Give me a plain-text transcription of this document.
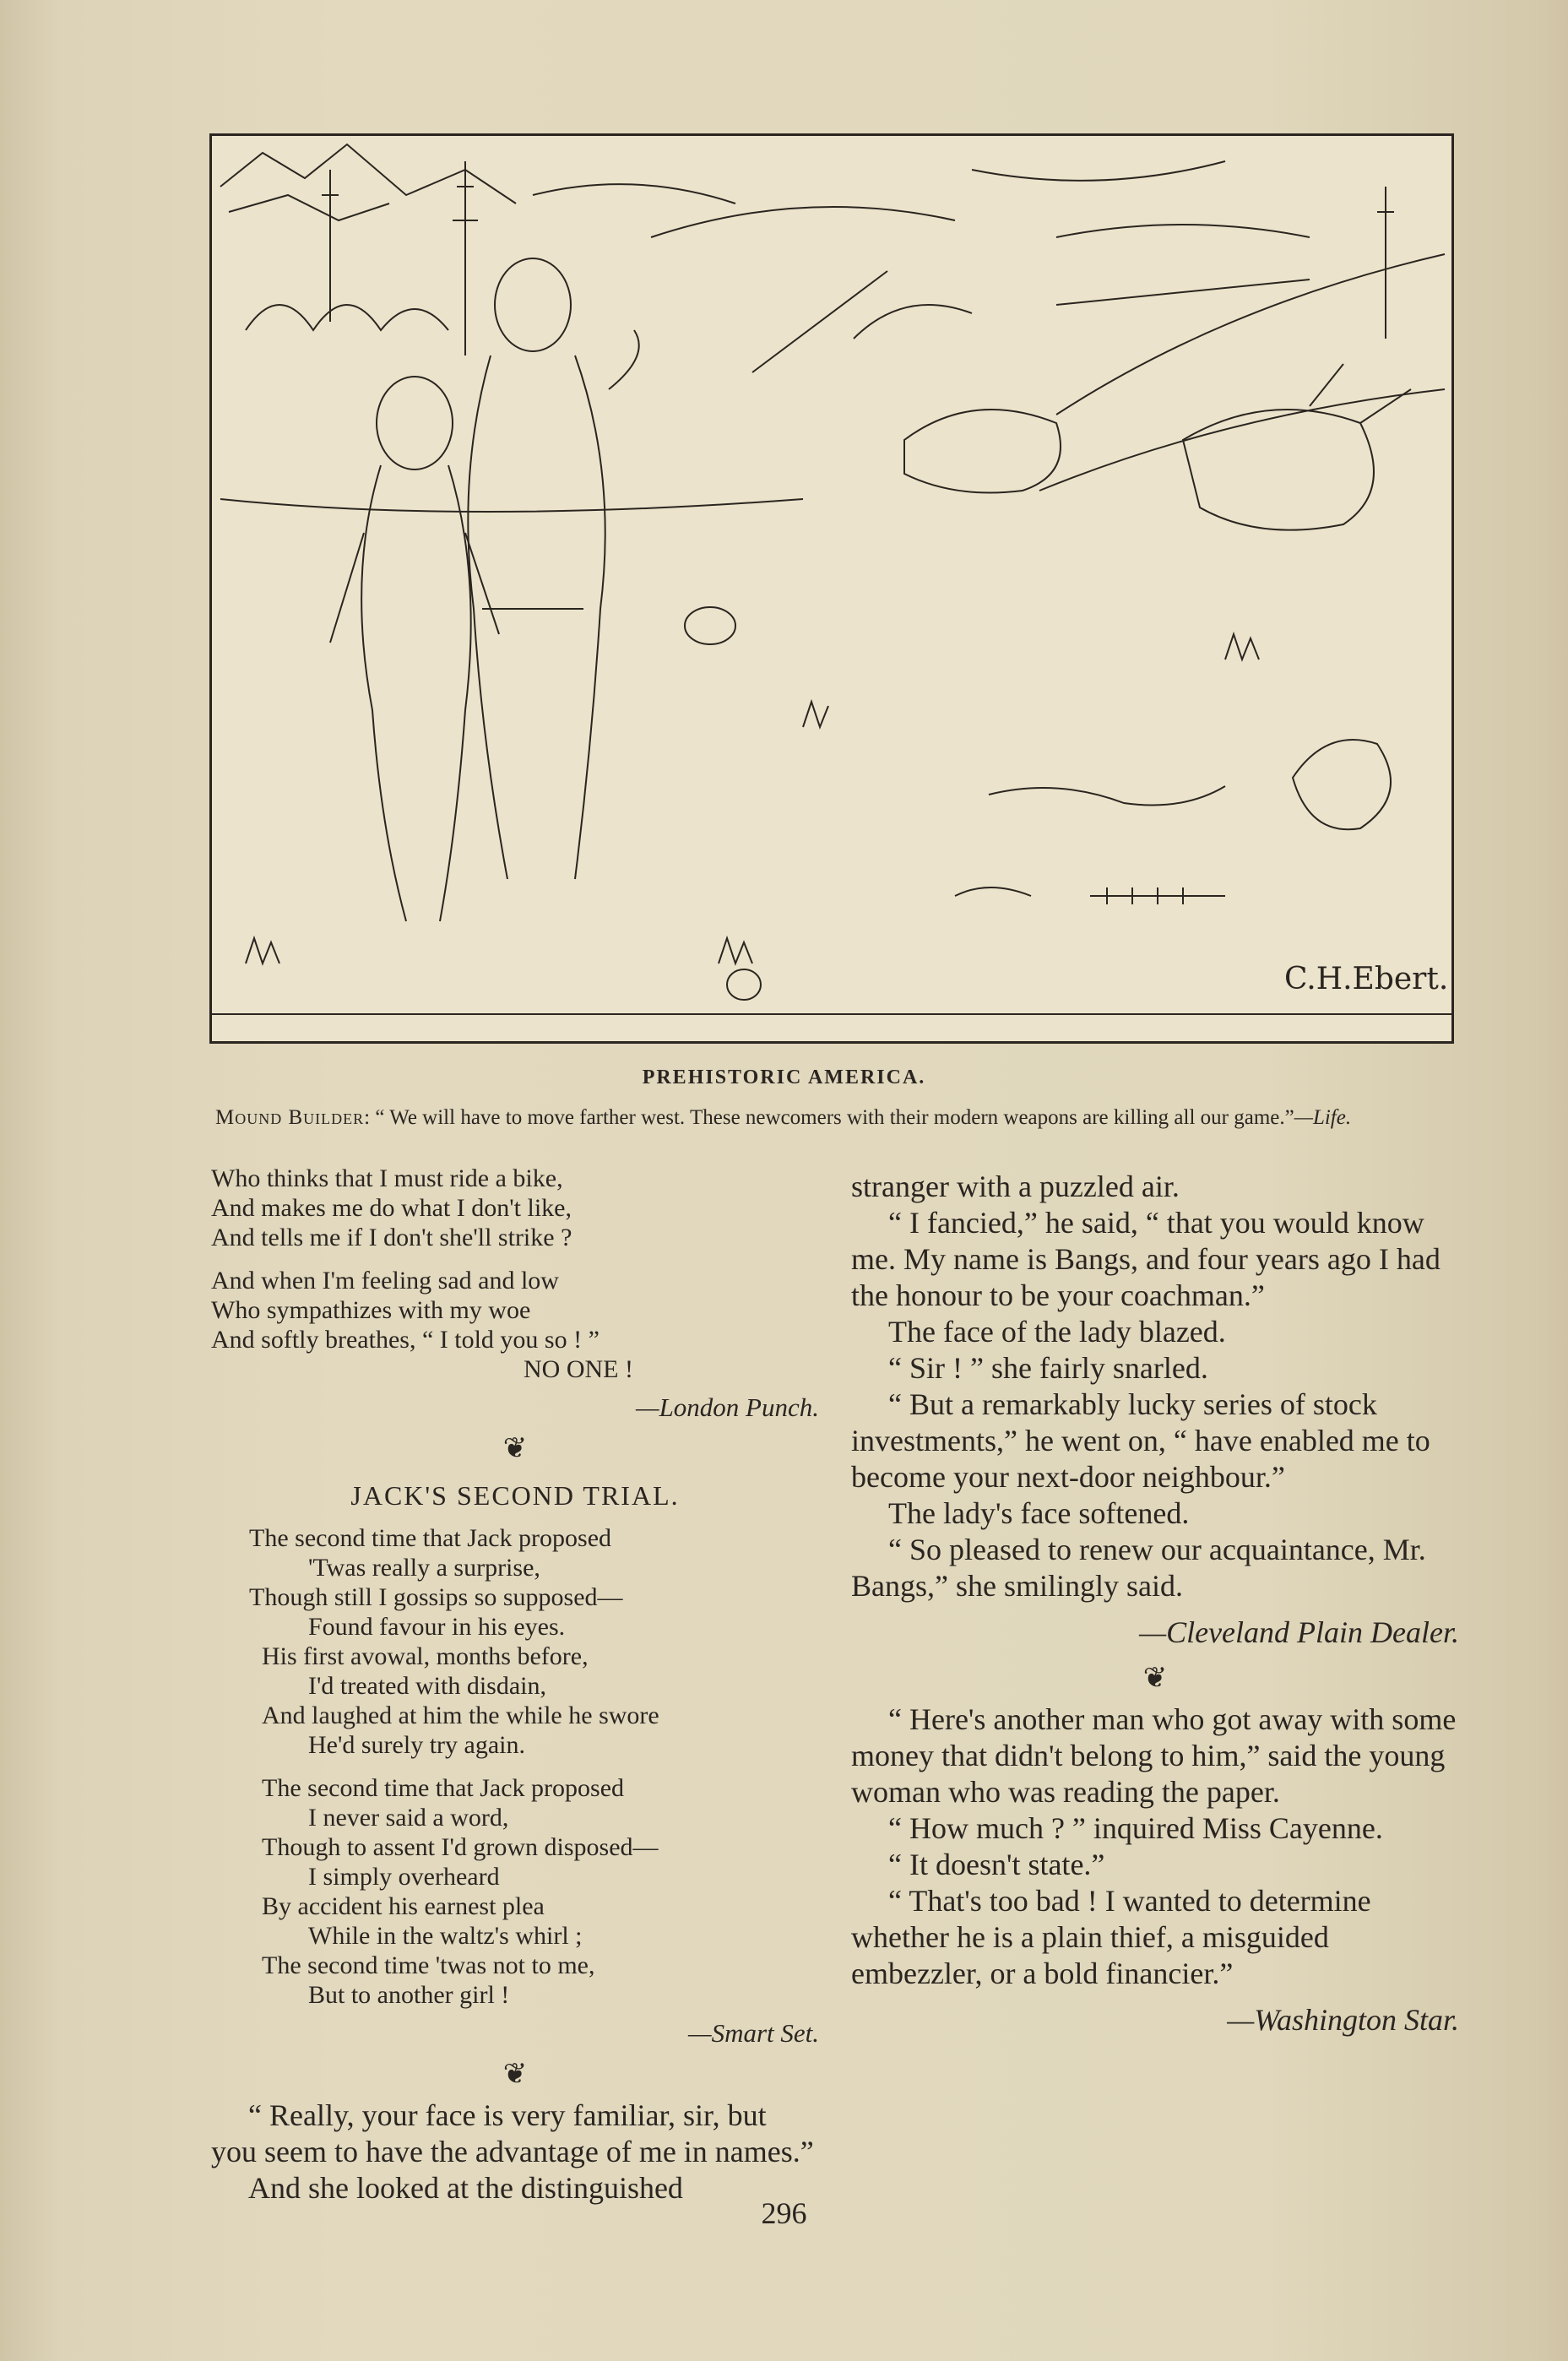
C.H.Ebert.
PREHISTORIC AMERICA.
Mound Builder: “ We will have to move farther west. These newcomers with their modern weapons are killing all our game.”—Life.
Who thinks that I must ride a bike,
And makes me do what I don't like,
And tells me if I don't she'll strike ?
And when I'm feeling sad and low
Who sympathizes with my woe
And softly breathes, “ I told you so ! ”
NO ONE !
—London Punch.
❦
JACK'S SECOND TRIAL.
The second time that Jack proposed
'Twas really a surprise,
Though still I gossips so supposed—
Found favour in his eyes.
His first avowal, months before,
I'd treated with disdain,
And laughed at him the while he swore
He'd surely try again.
The second time that Jack proposed
I never said a word,
Though to assent I'd grown disposed—
I simply overheard
By accident his earnest plea
While in the waltz's whirl ;
The second time 'twas not to me,
But to another girl !
—Smart Set.
❦

“ Really, your face is very familiar, sir, but you seem to have the advantage of me in names.”

And she looked at the distinguished

stranger with a puzzled air.

“ I fancied,” he said, “ that you would know me. My name is Bangs, and four years ago I had the honour to be your coachman.”

The face of the lady blazed.

“ Sir ! ” she fairly snarled.

“ But a remarkably lucky series of stock investments,” he went on, “ have enabled me to become your next-door neighbour.”

The lady's face softened.

“ So pleased to renew our acquaintance, Mr. Bangs,” she smilingly said.

—Cleveland Plain Dealer.
❦

“ Here's another man who got away with some money that didn't belong to him,” said the young woman who was reading the paper.

“ How much ? ” inquired Miss Cayenne.

“ It doesn't state.”

“ That's too bad ! I wanted to determine whether he is a plain thief, a misguided embezzler, or a bold financier.”

—Washington Star.
296
